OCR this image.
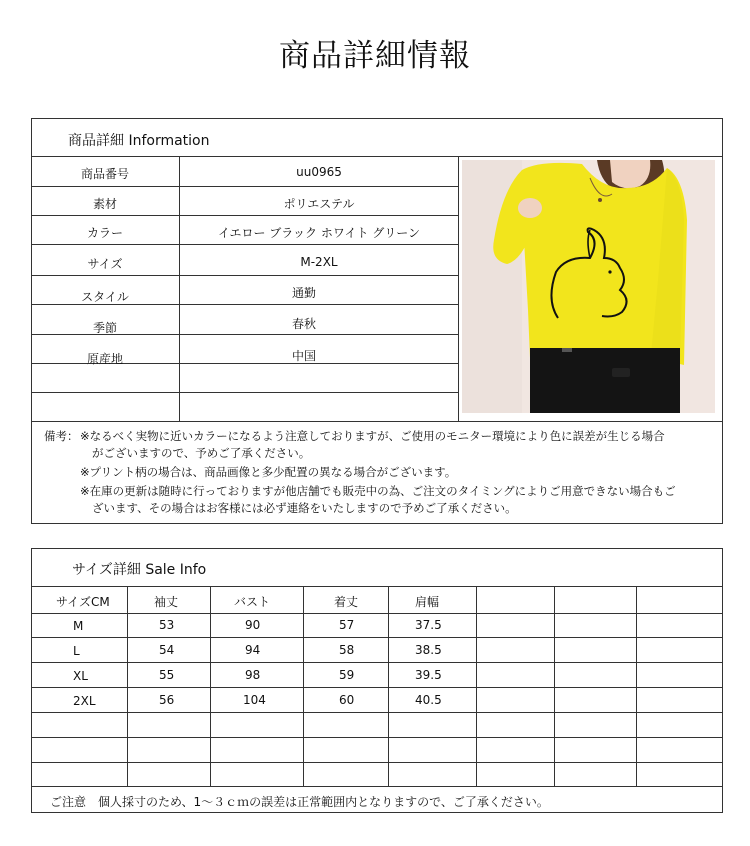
商品詳細情報
商品詳細 Information
商品番号	uu0965
素材	ポリエステル
カラー	イエロー ブラック ホワイト グリーン
サイズ	M-2XL
スタイル	通勤
季節	春秋
原産地	中国
備考： ※なるべく実物に近いカラーになるよう注意しておりますが、ご使用のモニター環境により色に誤差が生じる場合
がございますので、予めご了承ください。
※プリント柄の場合は、商品画像と多少配置の異なる場合がございます。
※在庫の更新は随時に行っておりますが他店舗でも販売中の為、ご注文のタイミングによりご用意できない場合もご
ざいます、その場合はお客様には必ず連絡をいたしますので予めご了承ください。
サイズ詳細 Sale Info
サイズCM	袖丈	バスト	着丈	肩幅
M	53	90	57	37.5
L	54	94	58	38.5
XL	55	98	59	39.5
2XL	56	104	60	40.5
ご注意　個人採寸のため、1～３ｃｍの誤差は正常範囲内となりますので、ご了承ください。
